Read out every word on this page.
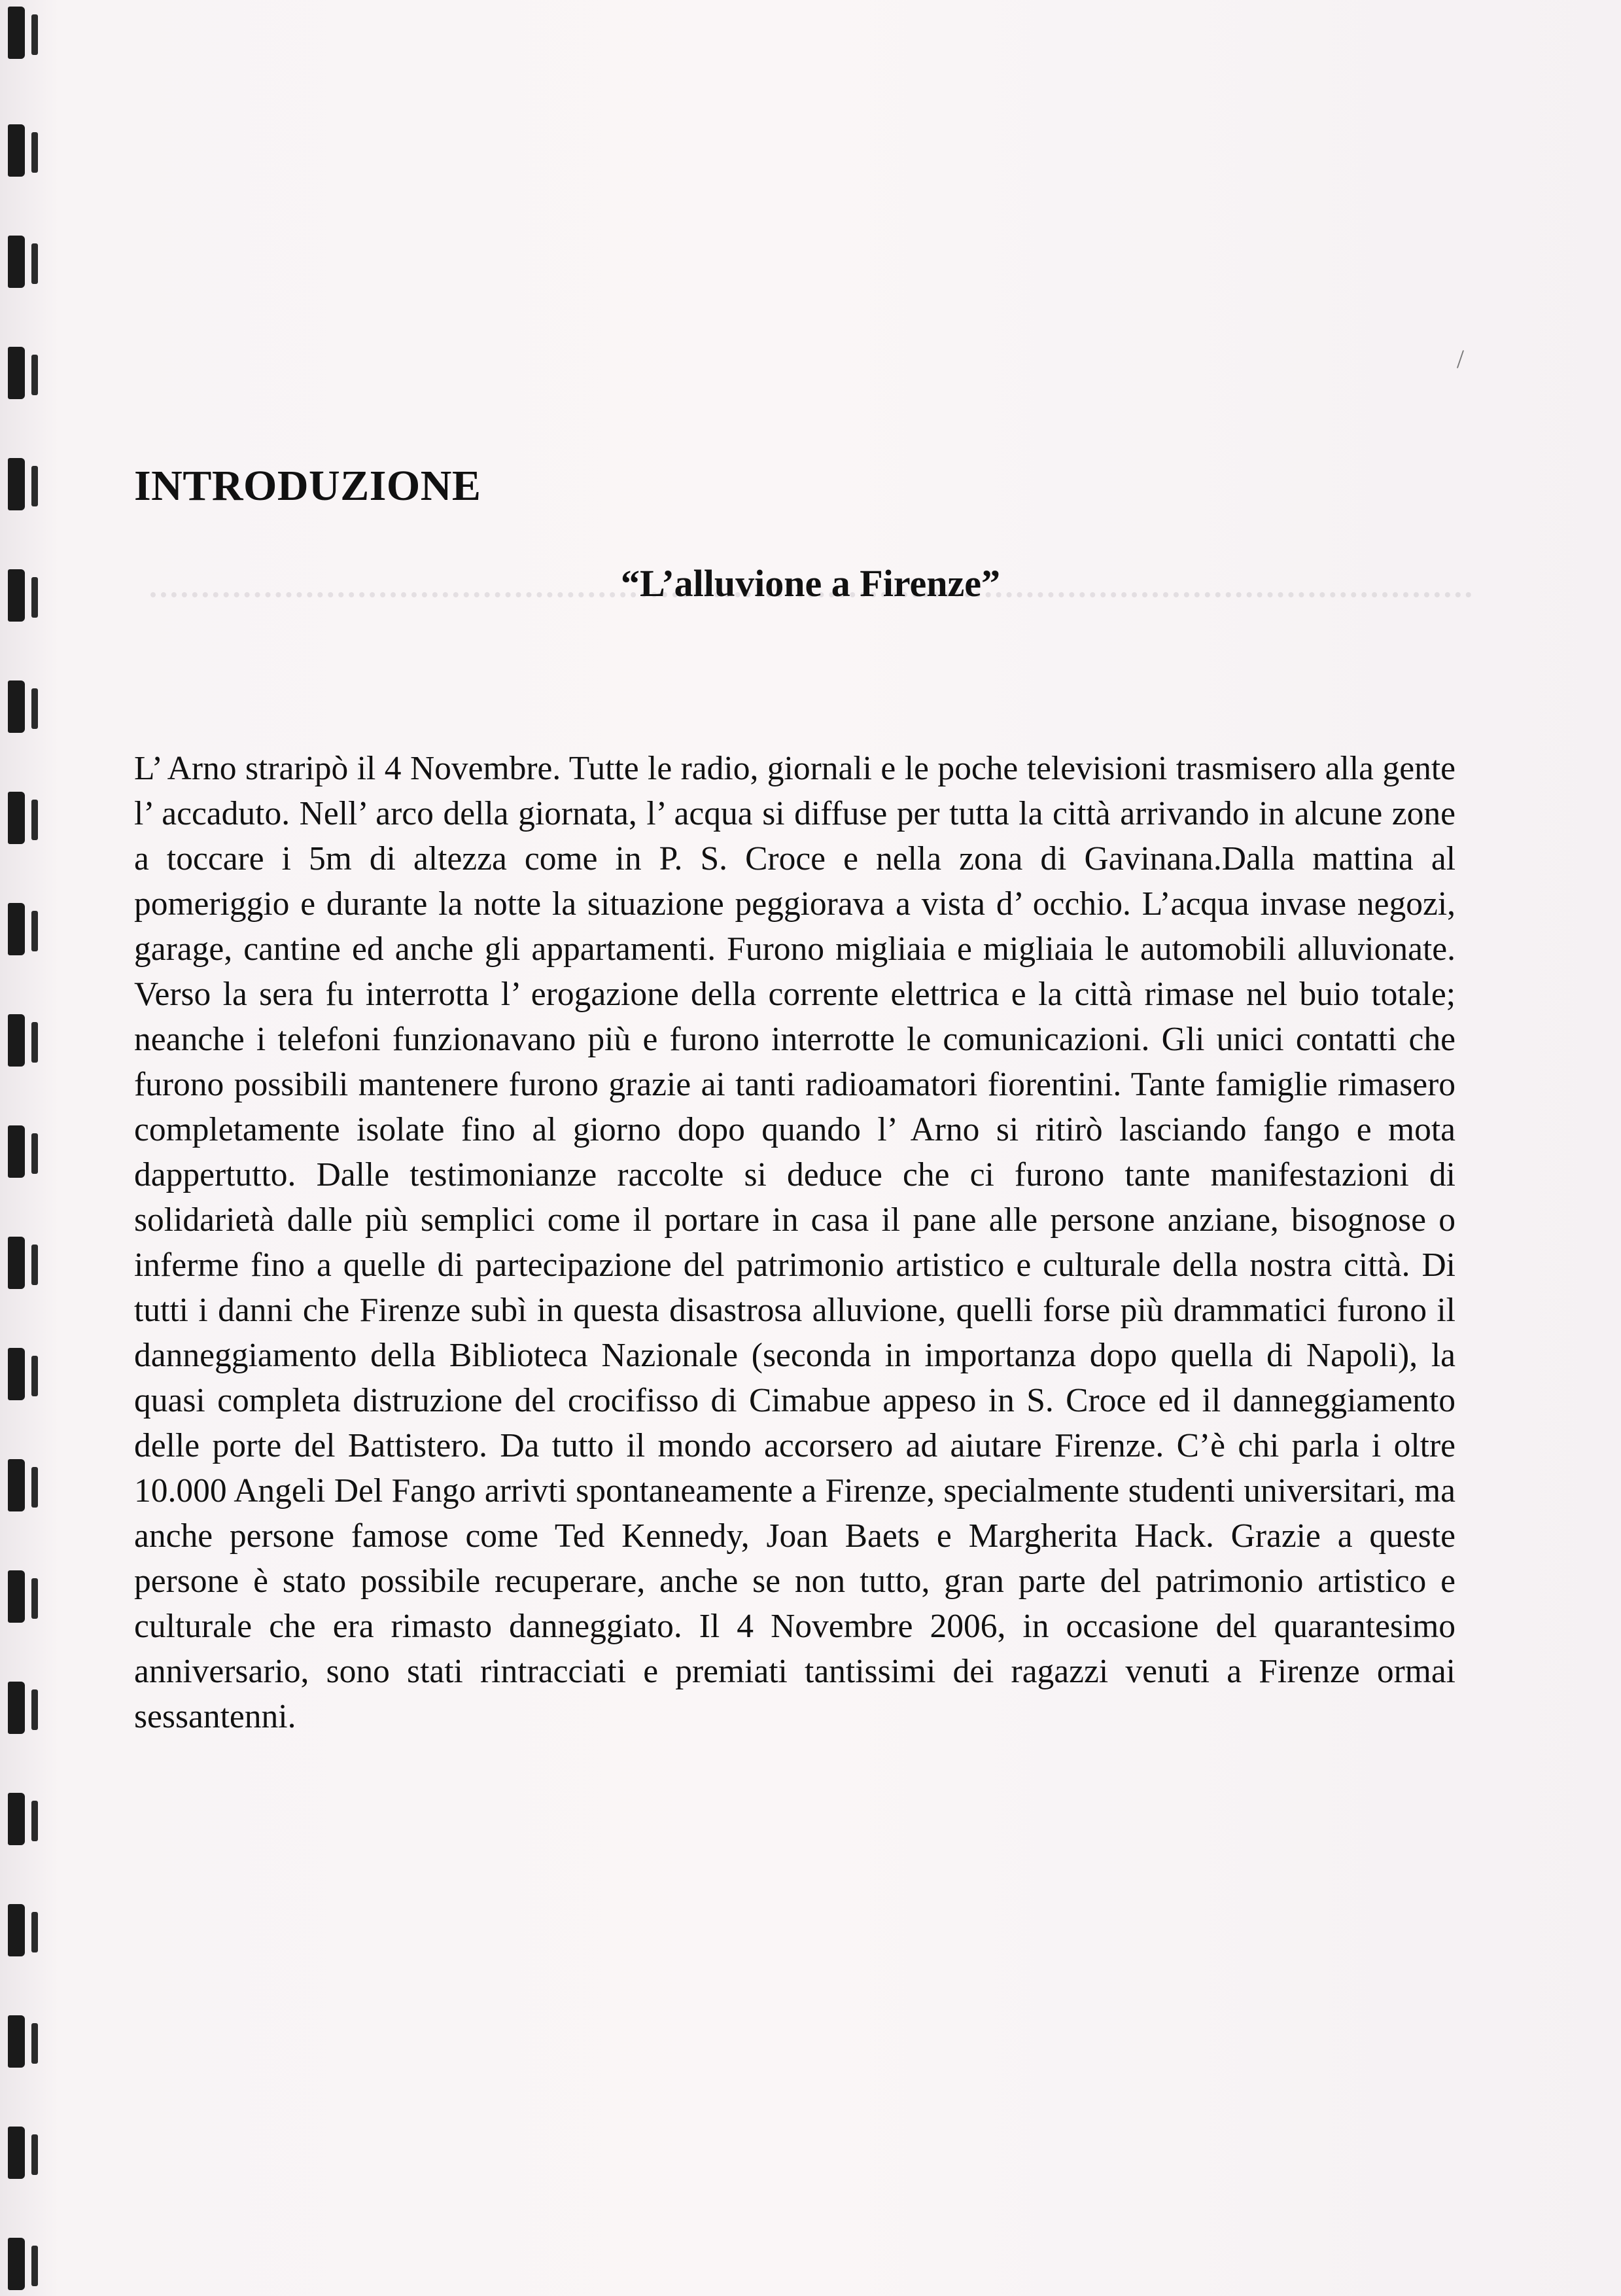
/
INTRODUZIONE
“L’alluvione a Firenze”

L’ Arno straripò il 4 Novembre. Tutte le radio, giornali e le poche televisioni trasmisero alla gente l’ accaduto. Nell’ arco della giornata, l’ acqua si diffuse per tutta la città arrivando in alcune zone a toccare i 5m di altezza come in P. S. Croce e nella zona di Gavinana.Dalla mattina al pomeriggio e durante la notte la situazione peggiorava a vista d’ occhio. L’acqua invase negozi, garage, cantine ed anche gli appartamenti. Furono migliaia e migliaia le automobili alluvionate. Verso la sera fu interrotta l’ erogazione della corrente elettrica e la città rimase nel buio totale; neanche i telefoni funzionavano più e furono interrotte le comunicazioni. Gli unici contatti che furono possibili mantenere furono grazie ai tanti radioamatori fiorentini. Tante famiglie rimasero completamente isolate fino al giorno dopo quando l’ Arno si ritirò lasciando fango e mota dappertutto. Dalle testimonianze raccolte si deduce che ci furono tante manifestazioni di solidarietà dalle più semplici come il portare in casa il pane alle persone anziane, bisognose o inferme fino a quelle di partecipazione del patrimonio artistico e culturale della nostra città. Di tutti i danni che Firenze subì in questa disastrosa alluvione, quelli forse più drammatici furono il danneggiamento della Biblioteca Nazionale (seconda in importanza dopo quella di Napoli), la quasi completa distruzione del crocifisso di Cimabue appeso in S. Croce ed il danneggiamento delle porte del Battistero. Da tutto il mondo accorsero ad aiutare Firenze. C’è chi parla i oltre 10.000 Angeli Del Fango arrivti spontaneamente a Firenze, specialmente studenti universitari, ma anche persone famose come Ted Kennedy, Joan Baets e Margherita Hack. Grazie a queste persone è stato possibile recuperare, anche se non tutto, gran parte del patrimonio artistico e culturale che era rimasto danneggiato. Il 4 Novembre 2006, in occasione del quarantesimo anniversario, sono stati rintracciati e premiati tantissimi dei ragazzi venuti a Firenze ormai sessantenni.
